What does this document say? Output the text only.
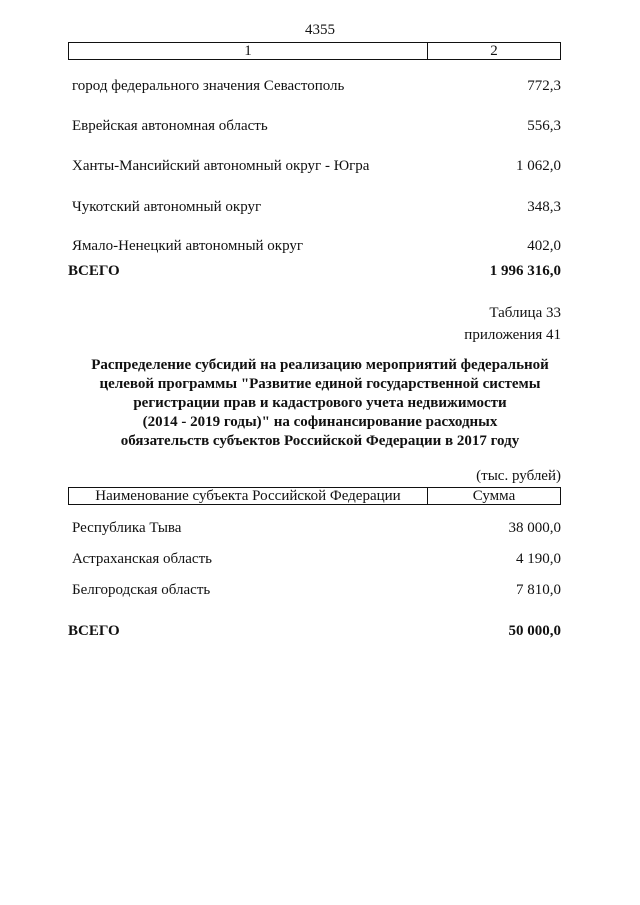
4355
1	2
город федерального значения Севастополь	772,3
Еврейская автономная область	556,3
Ханты-Мансийский автономный округ - Югра	1 062,0
Чукотский автономный округ	348,3
Ямало-Ненецкий автономный округ	402,0
ВСЕГО	1 996 316,0
Таблица 33
приложения 41
Распределение субсидий на реализацию мероприятий федеральной
целевой программы "Развитие единой государственной системы
регистрации прав и кадастрового учета недвижимости
(2014 - 2019 годы)" на софинансирование расходных
обязательств субъектов Российской Федерации в 2017 году
(тыс. рублей)
Наименование субъекта Российской Федерации	Сумма
Республика Тыва	38 000,0
Астраханская область	4 190,0
Белгородская область	7 810,0
ВСЕГО	50 000,0
